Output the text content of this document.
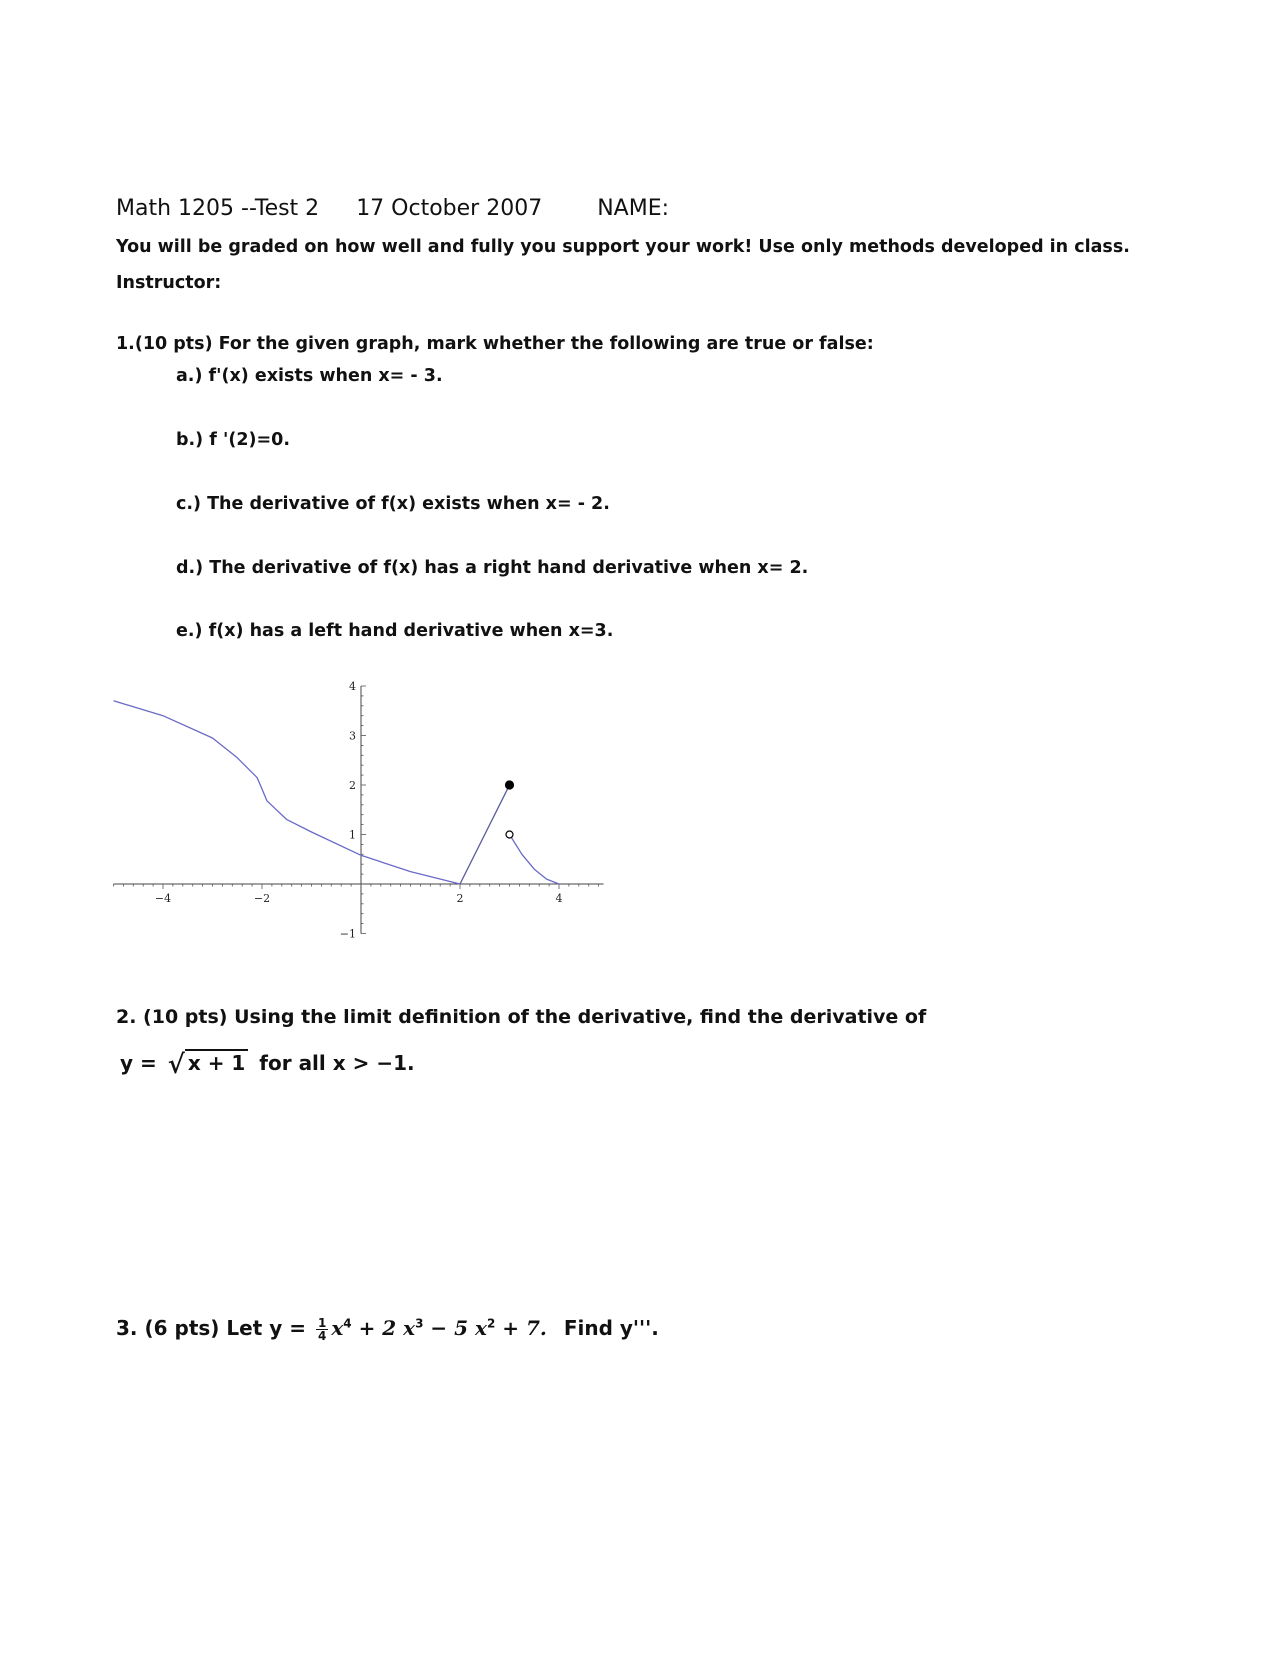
Math 1205 --Test 2 17 October 2007	NAME:
You will be graded on how well and fully you support your work! Use only methods developed in class.
Instructor:
1.(10 pts) For the given graph, mark whether the following are true or false:
a.) f'(x) exists when x= - 3.
b.) f '(2)=0.
c.) The derivative of f(x) exists when x= - 2.
d.) The derivative of f(x) has a right hand derivative when x= 2.
e.) f(x) has a left hand derivative when x=3.
−4	−2	2	4
−1
1
2
3
4
2. (10 pts) Using the limit definition of the derivative, find the derivative of
y = √ x + 1 for all x > −1.
3. (6 pts) Let $y = \frac{1}{4} x^4 + 2$ $x^3 - 5$ $x^2 + 7$. Find y'''.
